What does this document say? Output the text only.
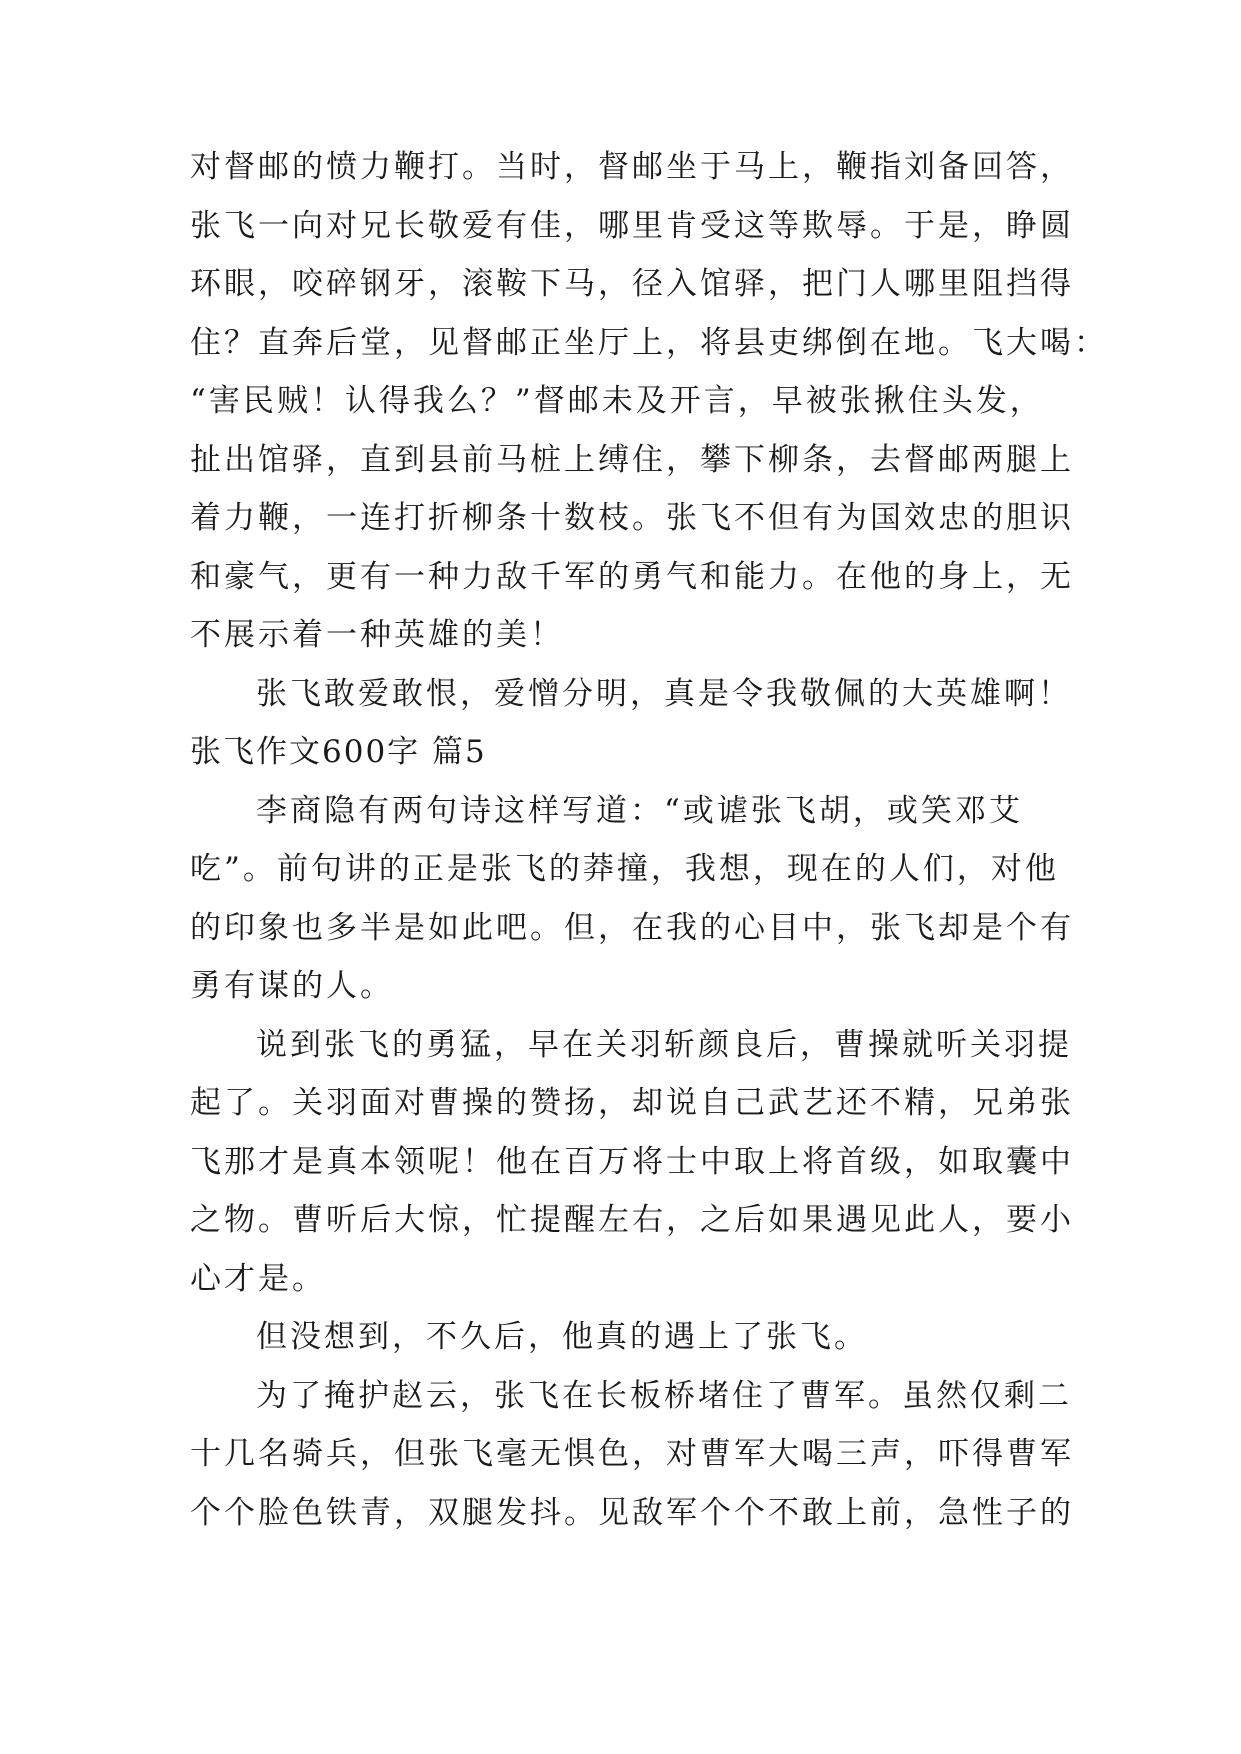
对督邮的愤力鞭打。当时，督邮坐于马上，鞭指刘备回答，
张飞一向对兄长敬爱有佳，哪里肯受这等欺辱。于是，睁圆
环眼，咬碎钢牙，滚鞍下马，径入馆驿，把门人哪里阻挡得
住？直奔后堂，见督邮正坐厅上，将县吏绑倒在地。飞大喝：
“害民贼！认得我么？”督邮未及开言，早被张揪住头发，
扯出馆驿，直到县前马桩上缚住，攀下柳条，去督邮两腿上
着力鞭，一连打折柳条十数枝。张飞不但有为国效忠的胆识
和豪气，更有一种力敌千军的勇气和能力。在他的身上，无
不展示着一种英雄的美！
张飞敢爱敢恨，爱憎分明，真是令我敬佩的大英雄啊！
张飞作文600字 篇5
李商隐有两句诗这样写道：“或谑张飞胡，或笑邓艾
吃”。前句讲的正是张飞的莽撞，我想，现在的人们，对他
的印象也多半是如此吧。但，在我的心目中，张飞却是个有
勇有谋的人。
说到张飞的勇猛，早在关羽斩颜良后，曹操就听关羽提
起了。关羽面对曹操的赞扬，却说自己武艺还不精，兄弟张
飞那才是真本领呢！他在百万将士中取上将首级，如取囊中
之物。曹听后大惊，忙提醒左右，之后如果遇见此人，要小
心才是。
但没想到，不久后，他真的遇上了张飞。
为了掩护赵云，张飞在长板桥堵住了曹军。虽然仅剩二
十几名骑兵，但张飞毫无惧色，对曹军大喝三声，吓得曹军
个个脸色铁青，双腿发抖。见敌军个个不敢上前，急性子的
